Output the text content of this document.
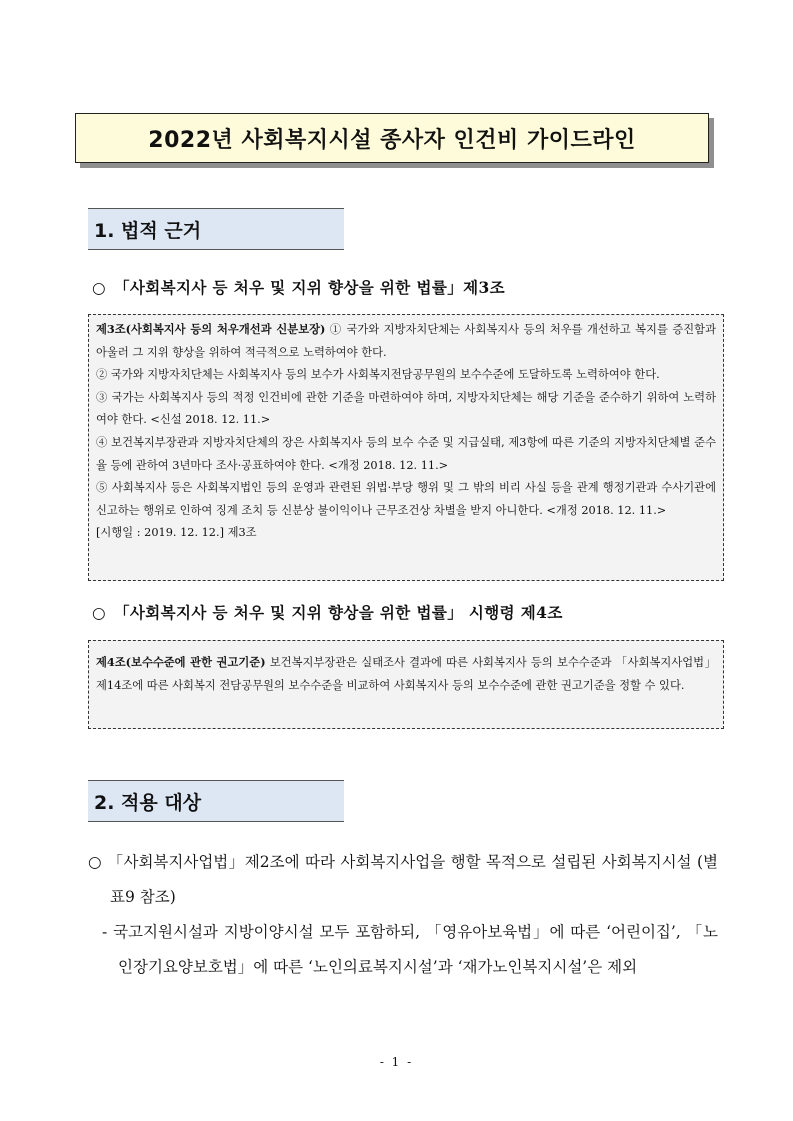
2022년 사회복지시설 종사자 인건비 가이드라인
1. 법적 근거
○ 「사회복지사 등 처우 및 지위 향상을 위한 법률」제3조

제3조(사회복지사 등의 처우개선과 신분보장) ① 국가와 지방자치단체는 사회복지사 등의 처우를 개선하고 복지를 증진함과 아울러 그 지위 향상을 위하여 적극적으로 노력하여야 한다.

② 국가와 지방자치단체는 사회복지사 등의 보수가 사회복지전담공무원의 보수수준에 도달하도록 노력하여야 한다.

③ 국가는 사회복지사 등의 적정 인건비에 관한 기준을 마련하여야 하며, 지방자치단체는 해당 기준을 준수하기 위하여 노력하여야 한다. <신설 2018. 12. 11.>

④ 보건복지부장관과 지방자치단체의 장은 사회복지사 등의 보수 수준 및 지급실태, 제3항에 따른 기준의 지방자치단체별 준수율 등에 관하여 3년마다 조사·공표하여야 한다. <개정 2018. 12. 11.>

⑤ 사회복지사 등은 사회복지법인 등의 운영과 관련된 위법·부당 행위 및 그 밖의 비리 사실 등을 관계 행정기관과 수사기관에 신고하는 행위로 인하여 징계 조치 등 신분상 불이익이나 근무조건상 차별을 받지 아니한다. <개정 2018. 12. 11.>

[시행일 : 2019. 12. 12.] 제3조

○ 「사회복지사 등 처우 및 지위 향상을 위한 법률」 시행령 제4조

제4조(보수수준에 관한 권고기준) 보건복지부장관은 실태조사 결과에 따른 사회복지사 등의 보수수준과 「사회복지사업법」 제14조에 따른 사회복지 전담공무원의 보수수준을 비교하여 사회복지사 등의 보수수준에 관한 권고기준을 정할 수 있다.

2. 적용 대상

○ 「사회복지사업법」제2조에 따라 사회복지사업을 행할 목적으로 설립된 사회복지시설 (별표9 참조)

- 국고지원시설과 지방이양시설 모두 포함하되, 「영유아보육법」에 따른 ‘어린이집’, 「노인장기요양보호법」에 따른 ‘노인의료복지시설’과 ‘재가노인복지시설’은 제외

- 1 -
